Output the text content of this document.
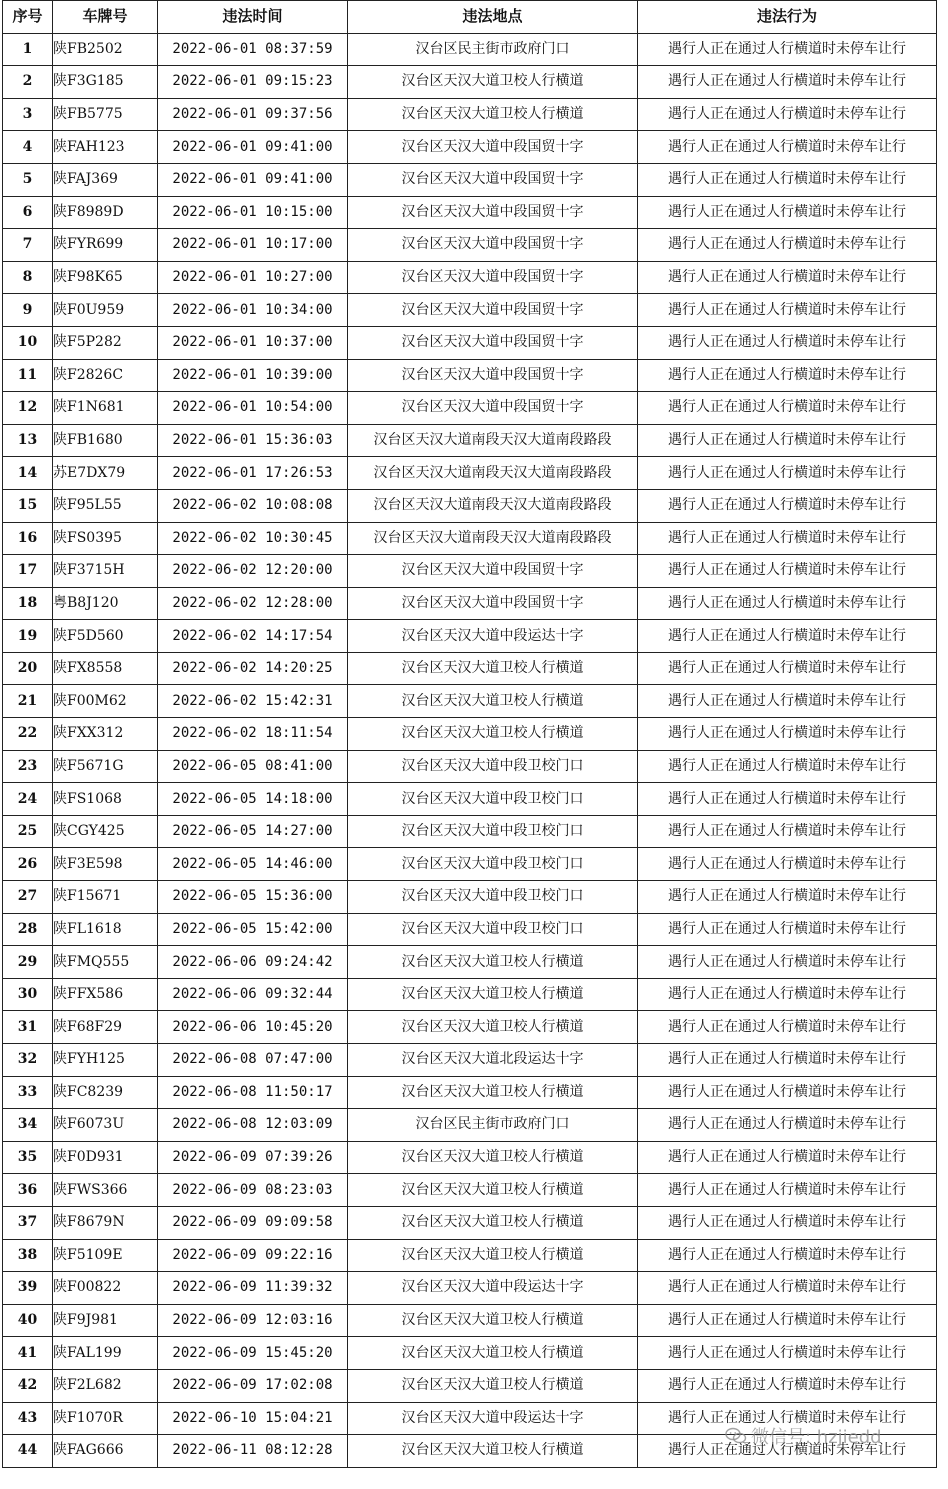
序号	车牌号	违法时间	违法地点	违法行为
1	陕FB2502	2022-06-01 08:37:59	汉台区民主街市政府门口	遇行人正在通过人行横道时未停车让行
2	陕F3G185	2022-06-01 09:15:23	汉台区天汉大道卫校人行横道	遇行人正在通过人行横道时未停车让行
3	陕FB5775	2022-06-01 09:37:56	汉台区天汉大道卫校人行横道	遇行人正在通过人行横道时未停车让行
4	陕FAH123	2022-06-01 09:41:00	汉台区天汉大道中段国贸十字	遇行人正在通过人行横道时未停车让行
5	陕FAJ369	2022-06-01 09:41:00	汉台区天汉大道中段国贸十字	遇行人正在通过人行横道时未停车让行
6	陕F8989D	2022-06-01 10:15:00	汉台区天汉大道中段国贸十字	遇行人正在通过人行横道时未停车让行
7	陕FYR699	2022-06-01 10:17:00	汉台区天汉大道中段国贸十字	遇行人正在通过人行横道时未停车让行
8	陕F98K65	2022-06-01 10:27:00	汉台区天汉大道中段国贸十字	遇行人正在通过人行横道时未停车让行
9	陕F0U959	2022-06-01 10:34:00	汉台区天汉大道中段国贸十字	遇行人正在通过人行横道时未停车让行
10	陕F5P282	2022-06-01 10:37:00	汉台区天汉大道中段国贸十字	遇行人正在通过人行横道时未停车让行
11	陕F2826C	2022-06-01 10:39:00	汉台区天汉大道中段国贸十字	遇行人正在通过人行横道时未停车让行
12	陕F1N681	2022-06-01 10:54:00	汉台区天汉大道中段国贸十字	遇行人正在通过人行横道时未停车让行
13	陕FB1680	2022-06-01 15:36:03	汉台区天汉大道南段天汉大道南段路段	遇行人正在通过人行横道时未停车让行
14	苏E7DX79	2022-06-01 17:26:53	汉台区天汉大道南段天汉大道南段路段	遇行人正在通过人行横道时未停车让行
15	陕F95L55	2022-06-02 10:08:08	汉台区天汉大道南段天汉大道南段路段	遇行人正在通过人行横道时未停车让行
16	陕FS0395	2022-06-02 10:30:45	汉台区天汉大道南段天汉大道南段路段	遇行人正在通过人行横道时未停车让行
17	陕F3715H	2022-06-02 12:20:00	汉台区天汉大道中段国贸十字	遇行人正在通过人行横道时未停车让行
18	粤B8J120	2022-06-02 12:28:00	汉台区天汉大道中段国贸十字	遇行人正在通过人行横道时未停车让行
19	陕F5D560	2022-06-02 14:17:54	汉台区天汉大道中段运达十字	遇行人正在通过人行横道时未停车让行
20	陕FX8558	2022-06-02 14:20:25	汉台区天汉大道卫校人行横道	遇行人正在通过人行横道时未停车让行
21	陕F00M62	2022-06-02 15:42:31	汉台区天汉大道卫校人行横道	遇行人正在通过人行横道时未停车让行
22	陕FXX312	2022-06-02 18:11:54	汉台区天汉大道卫校人行横道	遇行人正在通过人行横道时未停车让行
23	陕F5671G	2022-06-05 08:41:00	汉台区天汉大道中段卫校门口	遇行人正在通过人行横道时未停车让行
24	陕FS1068	2022-06-05 14:18:00	汉台区天汉大道中段卫校门口	遇行人正在通过人行横道时未停车让行
25	陕CGY425	2022-06-05 14:27:00	汉台区天汉大道中段卫校门口	遇行人正在通过人行横道时未停车让行
26	陕F3E598	2022-06-05 14:46:00	汉台区天汉大道中段卫校门口	遇行人正在通过人行横道时未停车让行
27	陕F15671	2022-06-05 15:36:00	汉台区天汉大道中段卫校门口	遇行人正在通过人行横道时未停车让行
28	陕FL1618	2022-06-05 15:42:00	汉台区天汉大道中段卫校门口	遇行人正在通过人行横道时未停车让行
29	陕FMQ555	2022-06-06 09:24:42	汉台区天汉大道卫校人行横道	遇行人正在通过人行横道时未停车让行
30	陕FFX586	2022-06-06 09:32:44	汉台区天汉大道卫校人行横道	遇行人正在通过人行横道时未停车让行
31	陕F68F29	2022-06-06 10:45:20	汉台区天汉大道卫校人行横道	遇行人正在通过人行横道时未停车让行
32	陕FYH125	2022-06-08 07:47:00	汉台区天汉大道北段运达十字	遇行人正在通过人行横道时未停车让行
33	陕FC8239	2022-06-08 11:50:17	汉台区天汉大道卫校人行横道	遇行人正在通过人行横道时未停车让行
34	陕F6073U	2022-06-08 12:03:09	汉台区民主街市政府门口	遇行人正在通过人行横道时未停车让行
35	陕F0D931	2022-06-09 07:39:26	汉台区天汉大道卫校人行横道	遇行人正在通过人行横道时未停车让行
36	陕FWS366	2022-06-09 08:23:03	汉台区天汉大道卫校人行横道	遇行人正在通过人行横道时未停车让行
37	陕F8679N	2022-06-09 09:09:58	汉台区天汉大道卫校人行横道	遇行人正在通过人行横道时未停车让行
38	陕F5109E	2022-06-09 09:22:16	汉台区天汉大道卫校人行横道	遇行人正在通过人行横道时未停车让行
39	陕F00822	2022-06-09 11:39:32	汉台区天汉大道中段运达十字	遇行人正在通过人行横道时未停车让行
40	陕F9J981	2022-06-09 12:03:16	汉台区天汉大道卫校人行横道	遇行人正在通过人行横道时未停车让行
41	陕FAL199	2022-06-09 15:45:20	汉台区天汉大道卫校人行横道	遇行人正在通过人行横道时未停车让行
42	陕F2L682	2022-06-09 17:02:08	汉台区天汉大道卫校人行横道	遇行人正在通过人行横道时未停车让行
43	陕F1070R	2022-06-10 15:04:21	汉台区天汉大道中段运达十字	遇行人正在通过人行横道时未停车让行
44	陕FAG666	2022-06-11 08:12:28	汉台区天汉大道卫校人行横道	遇行人正在通过人行横道时未停车让行
微信号: hzjiedd
